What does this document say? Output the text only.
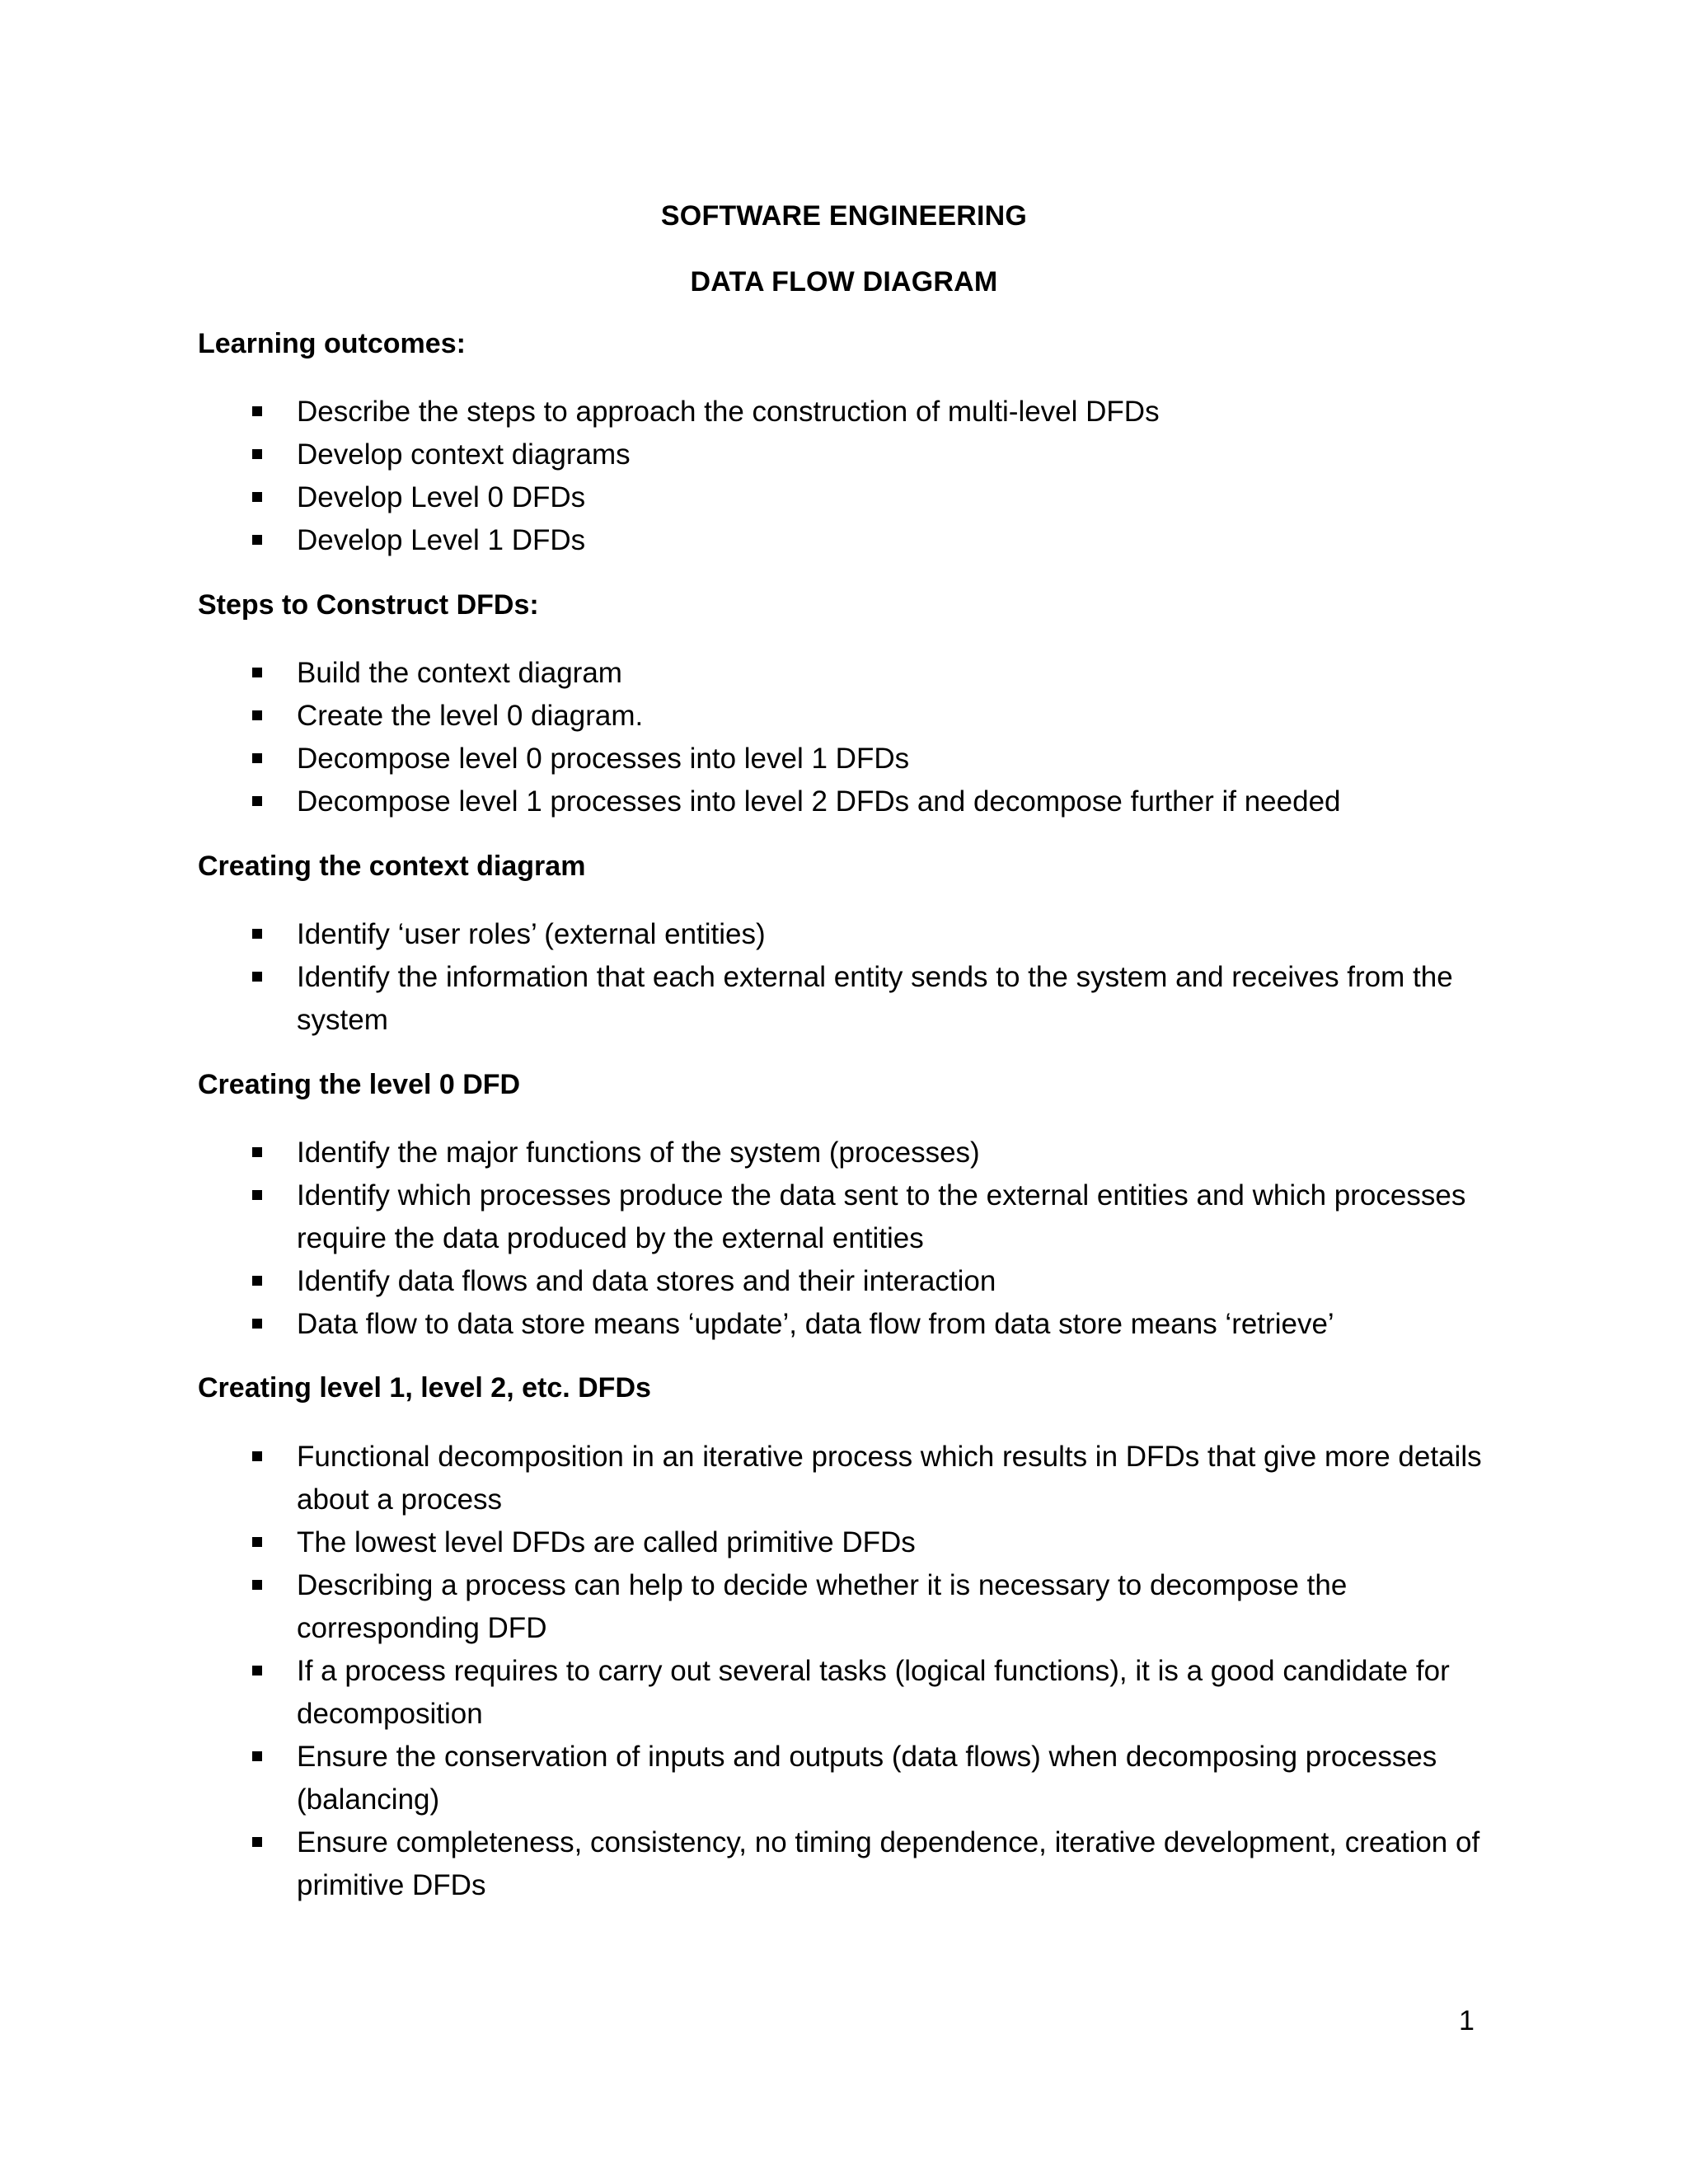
SOFTWARE ENGINEERING
DATA FLOW DIAGRAM
Learning outcomes:
Describe the steps to approach the construction of multi-level DFDs
Develop context diagrams
Develop Level 0 DFDs
Develop Level 1 DFDs
Steps to Construct DFDs:
Build the context diagram
Create the level 0 diagram.
Decompose level 0 processes into level 1 DFDs
Decompose level 1 processes into level 2 DFDs and decompose further if needed
Creating the context diagram
Identify ‘user roles’ (external entities)
Identify the information that each external entity sends to the system and receives from the system
Creating the level 0 DFD
Identify the major functions of the system (processes)
Identify which processes produce the data sent to the external entities and which processes require the data produced by the external entities
Identify data flows and data stores and their interaction
Data flow to data store means ‘update’, data flow from data store means ‘retrieve’
Creating level 1, level 2, etc. DFDs
Functional decomposition in an iterative process which results in DFDs that give more details about a process
The lowest level DFDs are called primitive DFDs
Describing a process can help to decide whether it is necessary to decompose the corresponding DFD
If a process requires to carry out several tasks (logical functions), it is a good candidate for decomposition
Ensure the conservation of inputs and outputs (data flows) when decomposing processes (balancing)
Ensure completeness, consistency, no timing dependence, iterative development, creation of primitive DFDs
1
